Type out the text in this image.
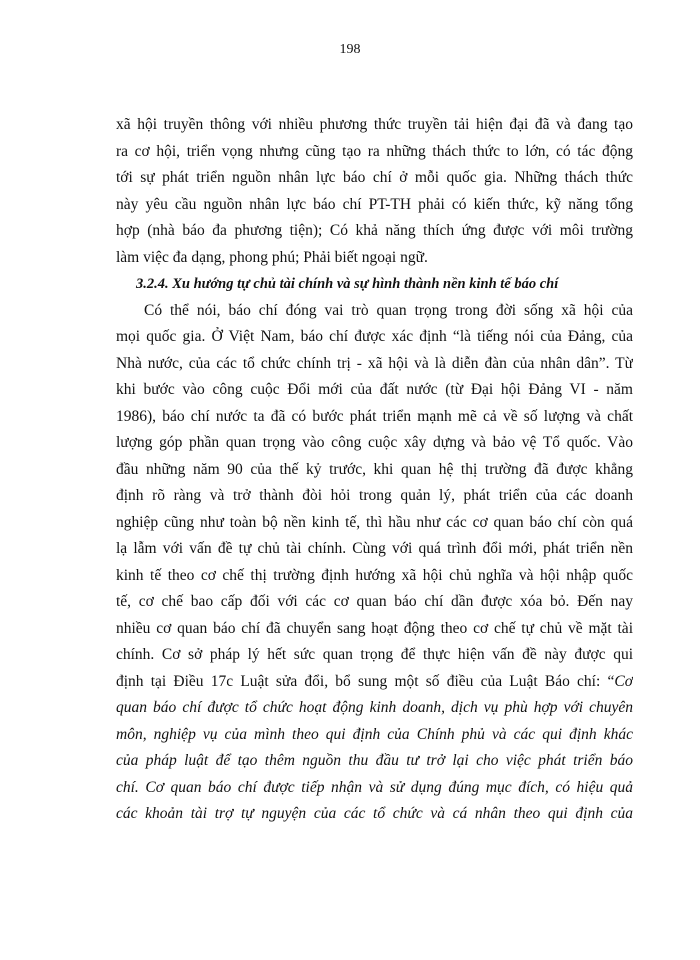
198
xã hội truyền thông với nhiều phương thức truyền tải hiện đại đã và đang tạo
ra cơ hội, triển vọng nhưng cũng tạo ra những thách thức to lớn, có tác động
tới sự phát triển nguồn nhân lực báo chí ở mỗi quốc gia. Những thách thức
này yêu cầu nguồn nhân lực báo chí PT-TH phải có kiến thức, kỹ năng tổng
hợp (nhà báo đa phương tiện); Có khả năng thích ứng được với môi trường
làm việc đa dạng, phong phú; Phải biết ngoại ngữ.
3.2.4. Xu hướng tự chủ tài chính và sự hình thành nền kinh tế báo chí
Có thể nói, báo chí đóng vai trò quan trọng trong đời sống xã hội của
mọi quốc gia. Ở Việt Nam, báo chí được xác định “là tiếng nói của Đảng, của
Nhà nước, của các tổ chức chính trị - xã hội và là diễn đàn của nhân dân”. Từ
khi bước vào công cuộc Đổi mới của đất nước (từ Đại hội Đảng VI - năm
1986), báo chí nước ta đã có bước phát triển mạnh mẽ cả về số lượng và chất
lượng góp phần quan trọng vào công cuộc xây dựng và bảo vệ Tổ quốc. Vào
đầu những năm 90 của thế kỷ trước, khi quan hệ thị trường đã được khẳng
định rõ ràng và trở thành đòi hỏi trong quản lý, phát triển của các doanh
nghiệp cũng như toàn bộ nền kinh tế, thì hầu như các cơ quan báo chí còn quá
lạ lẫm với vấn đề tự chủ tài chính. Cùng với quá trình đổi mới, phát triển nền
kinh tế theo cơ chế thị trường định hướng xã hội chủ nghĩa và hội nhập quốc
tế, cơ chế bao cấp đối với các cơ quan báo chí dần được xóa bỏ. Đến nay
nhiều cơ quan báo chí đã chuyển sang hoạt động theo cơ chế tự chủ về mặt tài
chính. Cơ sở pháp lý hết sức quan trọng để thực hiện vấn đề này được qui
định tại Điều 17c Luật sửa đổi, bổ sung một số điều của Luật Báo chí: “Cơ
quan báo chí được tổ chức hoạt động kinh doanh, dịch vụ phù hợp với chuyên
môn, nghiệp vụ của mình theo qui định của Chính phủ và các qui định khác
của pháp luật để tạo thêm nguồn thu đầu tư trở lại cho việc phát triển báo
chí. Cơ quan báo chí được tiếp nhận và sử dụng đúng mục đích, có hiệu quả
các khoản tài trợ tự nguyện của các tổ chức và cá nhân theo qui định của
